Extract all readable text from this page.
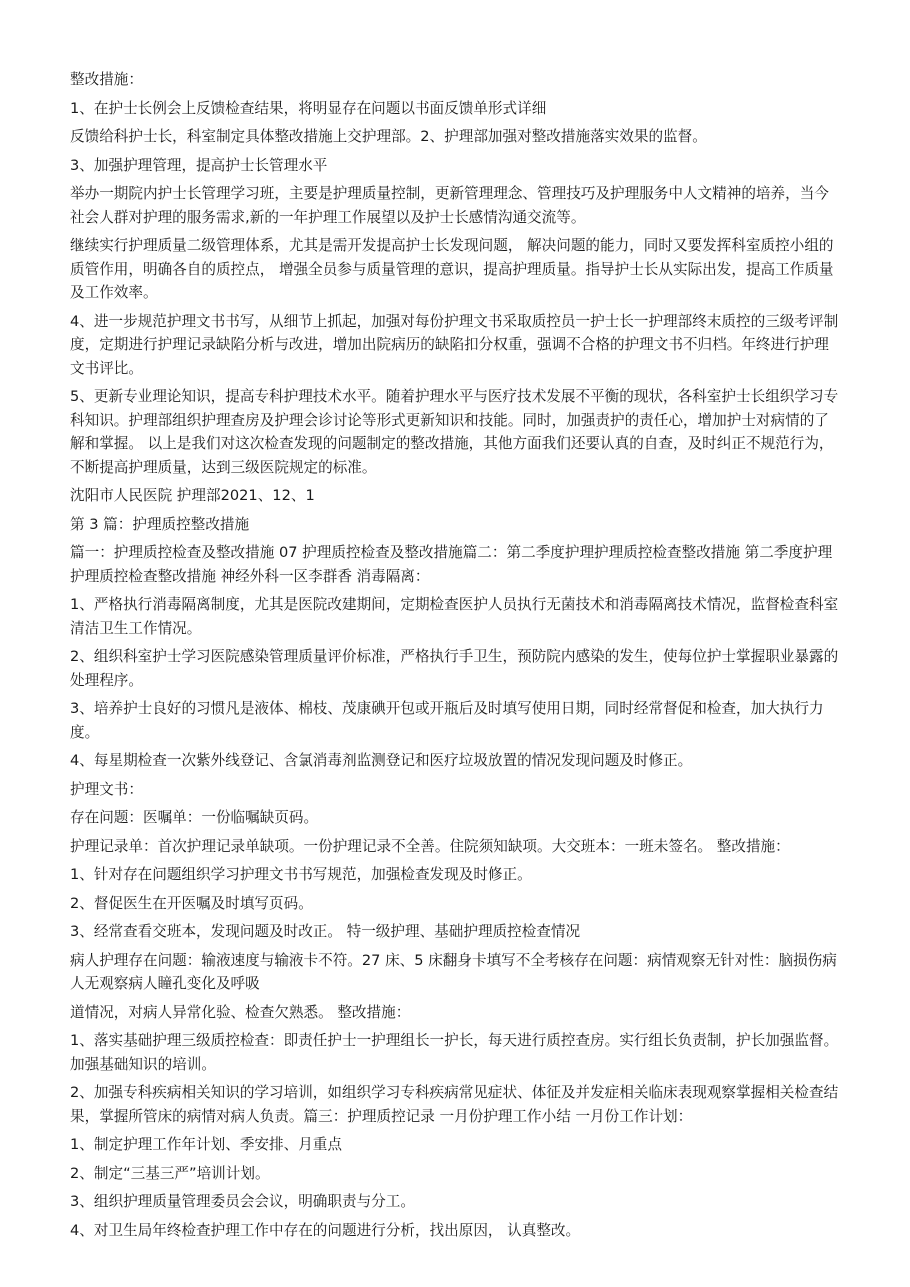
整改措施：

1、在护士长例会上反馈检查结果，将明显存在问题以书面反馈单形式详细

反馈给科护士长，科室制定具体整改措施上交护理部。2、护理部加强对整改措施落实效果的监督。

3、加强护理管理，提高护士长管理水平

举办一期院内护士长管理学习班，主要是护理质量控制，更新管理理念、管理技巧及护理服务中人文精神的培养，当今社会人群对护理的服务需求,新的一年护理工作展望以及护士长感情沟通交流等。

继续实行护理质量二级管理体系，尤其是需开发提高护士长发现问题， 解决问题的能力，同时又要发挥科室质控小组的质管作用，明确各自的质控点， 增强全员参与质量管理的意识，提高护理质量。指导护士长从实际出发，提高工作质量及工作效率。

4、进一步规范护理文书书写，从细节上抓起，加强对每份护理文书采取质控员一护士长一护理部终末质控的三级考评制度，定期进行护理记录缺陷分析与改进，增加出院病历的缺陷扣分权重，强调不合格的护理文书不归档。年终进行护理文书评比。

5、更新专业理论知识，提高专科护理技术水平。随着护理水平与医疗技术发展不平衡的现状，各科室护士长组织学习专科知识。护理部组织护理查房及护理会诊讨论等形式更新知识和技能。同时，加强责护的责任心，增加护士对病情的了解和掌握。 以上是我们对这次检查发现的问题制定的整改措施，其他方面我们还要认真的自查，及时纠正不规范行为，不断提高护理质量，达到三级医院规定的标准。

沈阳市人民医院 护理部2021、12、1

第 3 篇：护理质控整改措施

篇一：护理质控检查及整改措施 07 护理质控检查及整改措施篇二：第二季度护理护理质控检查整改措施 第二季度护理护理质控检查整改措施 神经外科一区李群香 消毒隔离：

1、严格执行消毒隔离制度，尤其是医院改建期间，定期检查医护人员执行无菌技术和消毒隔离技术情况，监督检查科室清洁卫生工作情况。

2、组织科室护士学习医院感染管理质量评价标准，严格执行手卫生，预防院内感染的发生，使每位护士掌握职业暴露的处理程序。

3、培养护士良好的习惯凡是液体、棉枝、茂康碘开包或开瓶后及时填写使用日期，同时经常督促和检查，加大执行力度。

4、每星期检查一次紫外线登记、含氯消毒剂监测登记和医疗垃圾放置的情况发现问题及时修正。

护理文书：

存在问题：医嘱单：一份临嘱缺页码。

护理记录单：首次护理记录单缺项。一份护理记录不全善。住院须知缺项。大交班本：一班未签名。 整改措施：

1、针对存在问题组织学习护理文书书写规范，加强检查发现及时修正。

2、督促医生在开医嘱及时填写页码。

3、经常查看交班本，发现问题及时改正。 特一级护理、基础护理质控检查情况

病人护理存在问题：输液速度与输液卡不符。27 床、5 床翻身卡填写不全考核存在问题：病情观察无针对性：脑损伤病人无观察病人瞳孔变化及呼吸

道情况，对病人异常化验、检查欠熟悉。 整改措施：

1、落实基础护理三级质控检查：即责任护士一护理组长一护长，每天进行质控查房。实行组长负责制，护长加强监督。加强基础知识的培训。

2、加强专科疾病相关知识的学习培训，如组织学习专科疾病常见症状、体征及并发症相关临床表现观察掌握相关检查结果，掌握所管床的病情对病人负责。篇三：护理质控记录 一月份护理工作小结 一月份工作计划：

1、制定护理工作年计划、季安排、月重点

2、制定“三基三严”培训计划。

3、组织护理质量管理委员会会议，明确职责与分工。

4、对卫生局年终检查护理工作中存在的问题进行分析，找出原因， 认真整改。
